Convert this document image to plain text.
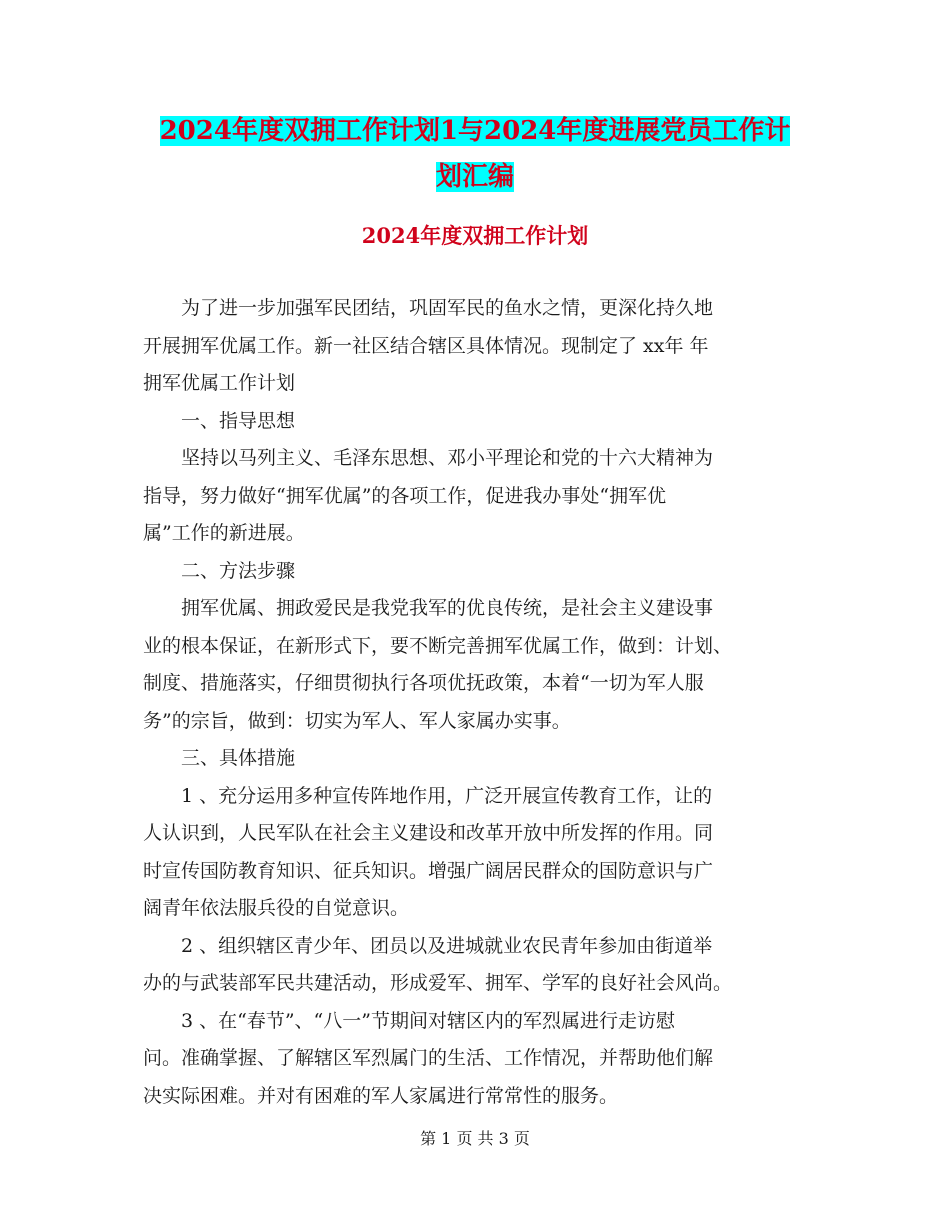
2024年度双拥工作计划1与2024年度进展党员工作计
划汇编
2024年度双拥工作计划
　　为了进一步加强军民团结，巩固军民的鱼水之情，更深化持久地
开展拥军优属工作。新一社区结合辖区具体情况。现制定了 xx年 年
拥军优属工作计划
　　一、指导思想
　　坚持以马列主义、毛泽东思想、邓小平理论和党的十六大精神为
指导，努力做好“拥军优属”的各项工作，促进我办事处“拥军优
属”工作的新进展。
　　二、方法步骤
　　拥军优属、拥政爱民是我党我军的优良传统，是社会主义建设事
业的根本保证，在新形式下，要不断完善拥军优属工作，做到：计划、
制度、措施落实，仔细贯彻执行各项优抚政策，本着“一切为军人服
务”的宗旨，做到：切实为军人、军人家属办实事。
　　三、具体措施
　　1 、充分运用多种宣传阵地作用，广泛开展宣传教育工作，让的
人认识到，人民军队在社会主义建设和改革开放中所发挥的作用。同
时宣传国防教育知识、征兵知识。增强广阔居民群众的国防意识与广
阔青年依法服兵役的自觉意识。
　　2 、组织辖区青少年、团员以及进城就业农民青年参加由街道举
办的与武装部军民共建活动，形成爱军、拥军、学军的良好社会风尚。
　　3 、在“春节”、“八一”节期间对辖区内的军烈属进行走访慰
问。准确掌握、了解辖区军烈属门的生活、工作情况，并帮助他们解
决实际困难。并对有困难的军人家属进行常常性的服务。
第 1 页 共 3 页
